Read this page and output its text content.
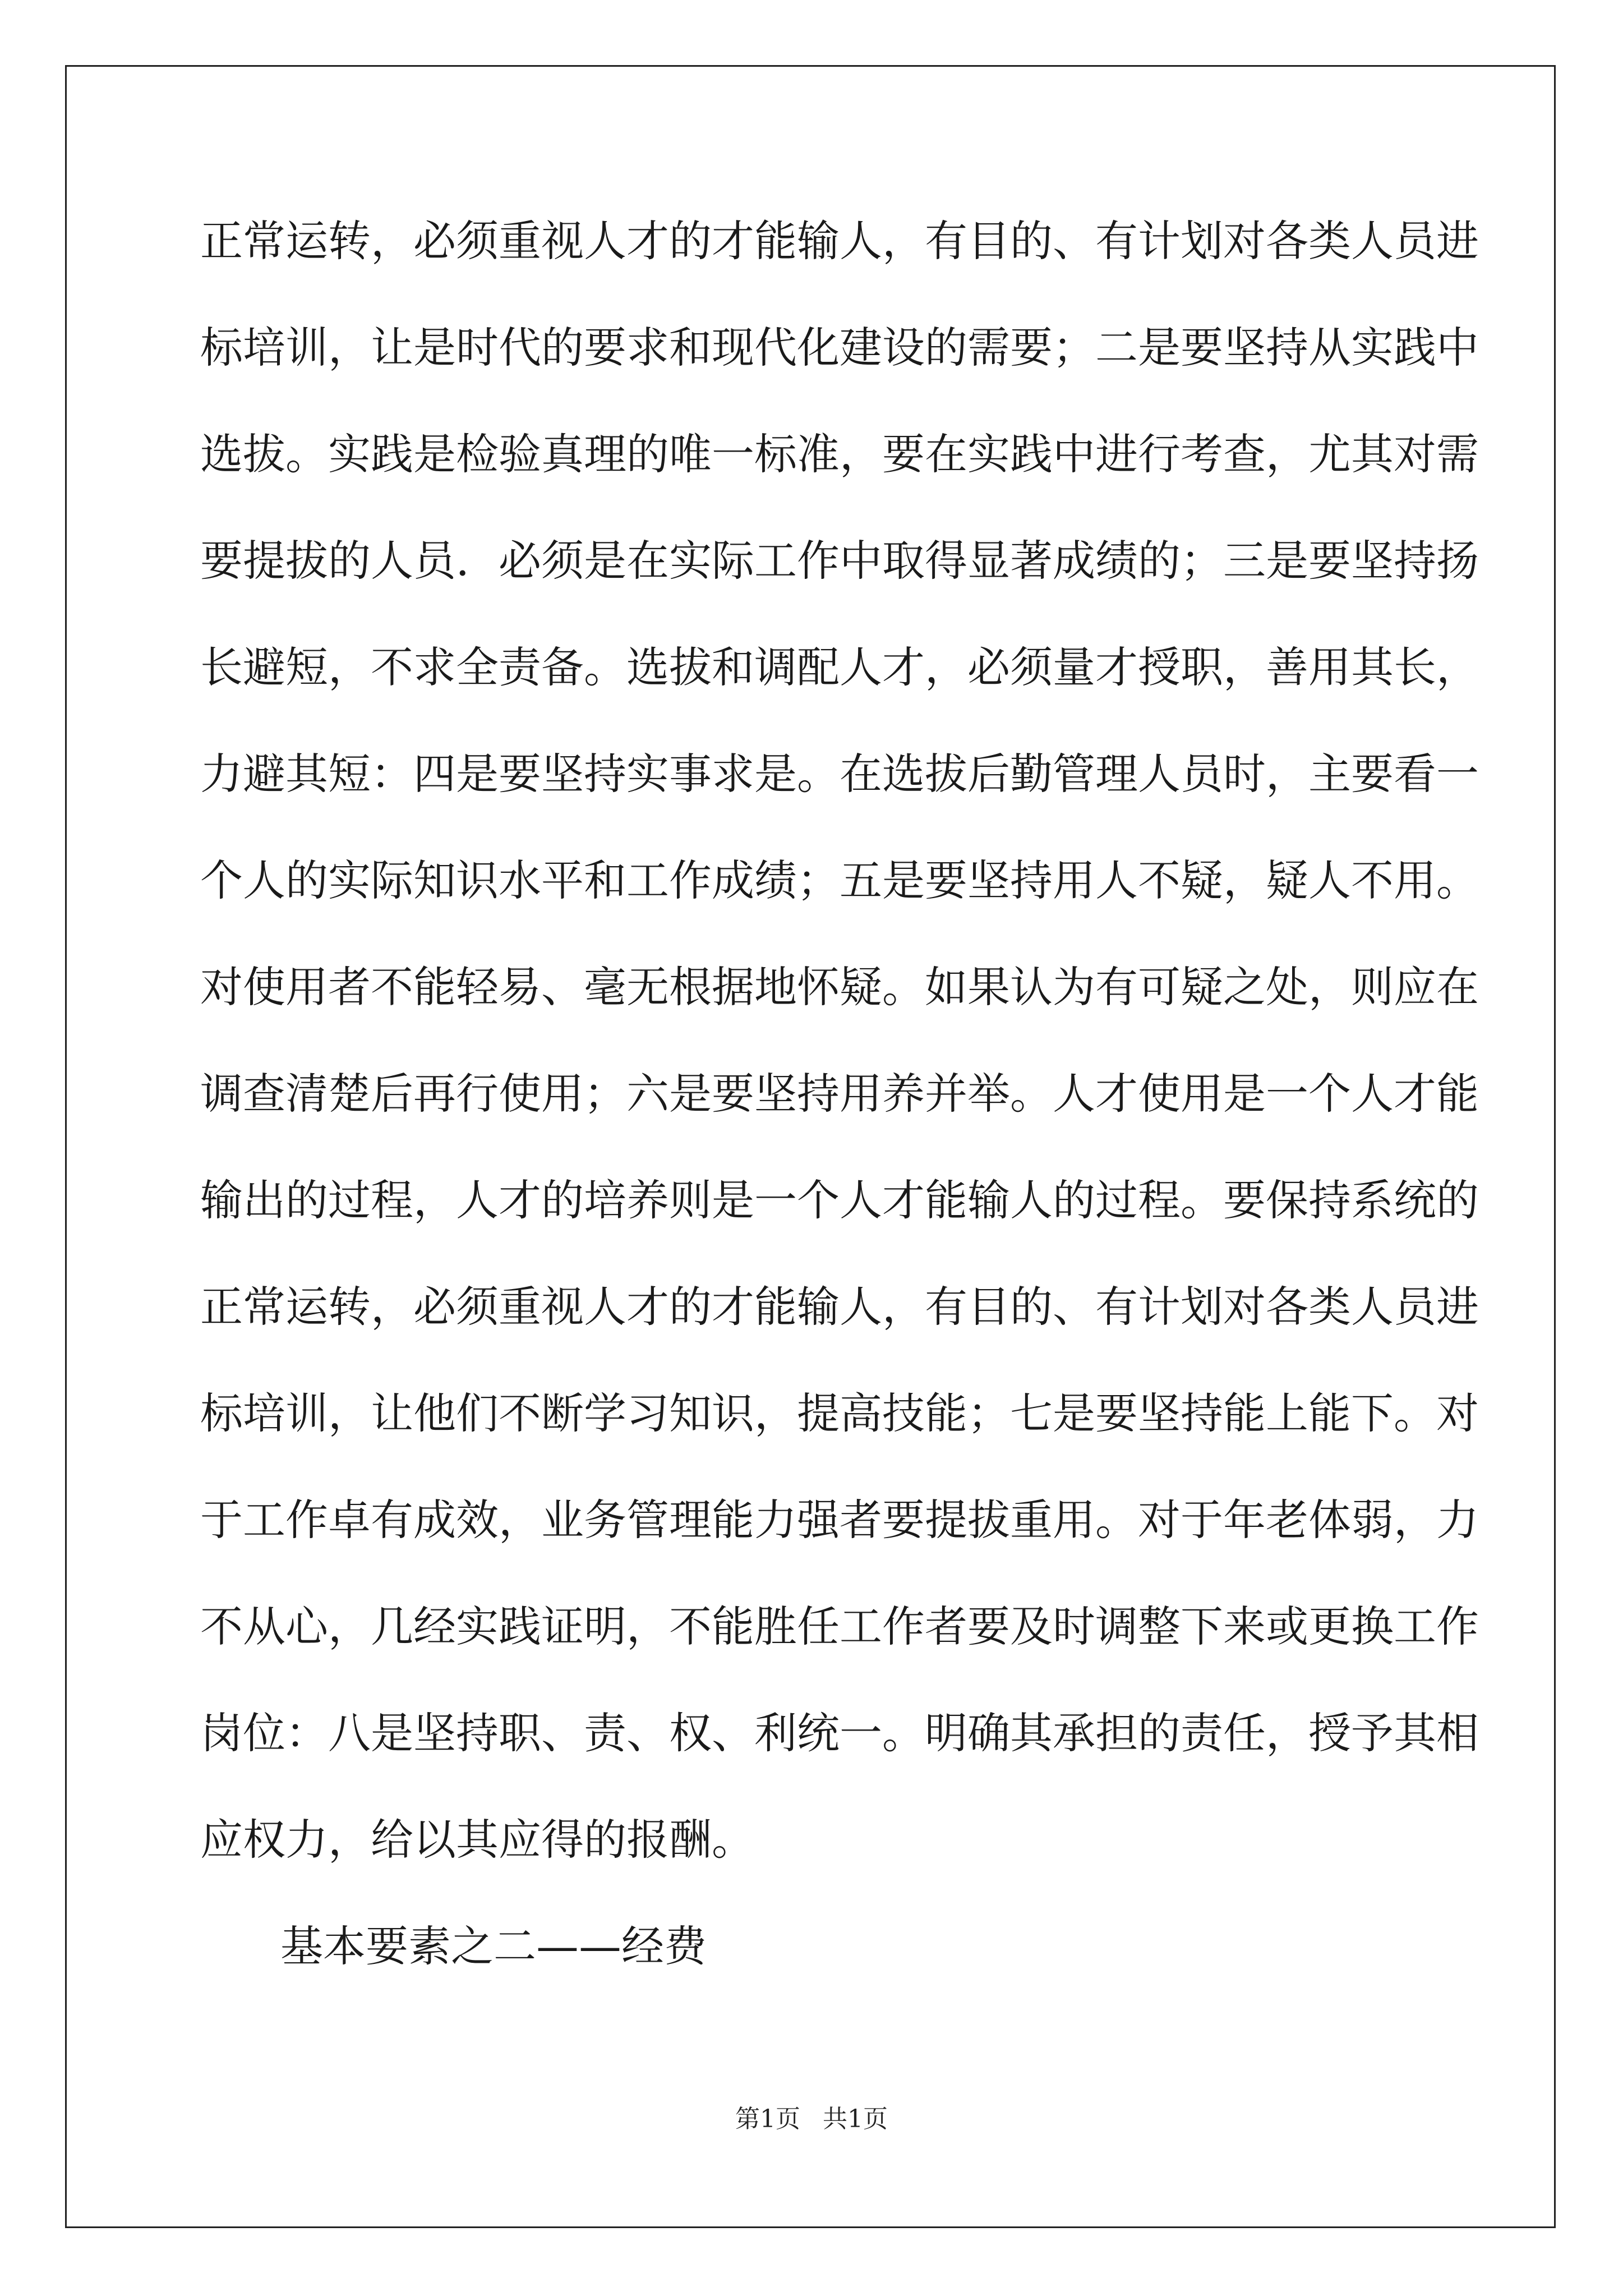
正常运转，必须重视人才的才能输人，有目的、有计划对各类人员进
标培训，让是时代的要求和现代化建设的需要；二是要坚持从实践中
选拔。实践是检验真理的唯一标准，要在实践中进行考查，尤其对需
要提拔的人员．必须是在实际工作中取得显著成绩的；三是要坚持扬
长避短，不求全责备。选拔和调配人才，必须量才授职，善用其长，
力避其短：四是要坚持实事求是。在选拔后勤管理人员时，主要看一
个人的实际知识水平和工作成绩；五是要坚持用人不疑，疑人不用。
对使用者不能轻易、毫无根据地怀疑。如果认为有可疑之处，则应在
调查清楚后再行使用；六是要坚持用养并举。人才使用是一个人才能
输出的过程，人才的培养则是一个人才能输人的过程。要保持系统的
正常运转，必须重视人才的才能输人，有目的、有计划对各类人员进
标培训，让他们不断学习知识，提高技能；七是要坚持能上能下。对
于工作卓有成效，业务管理能力强者要提拔重用。对于年老体弱，力
不从心，几经实践证明，不能胜任工作者要及时调整下来或更换工作
岗位：八是坚持职、责、权、利统一。明确其承担的责任，授予其相
应权力，给以其应得的报酬。
基本要素之二——经费
第1页 共1页
